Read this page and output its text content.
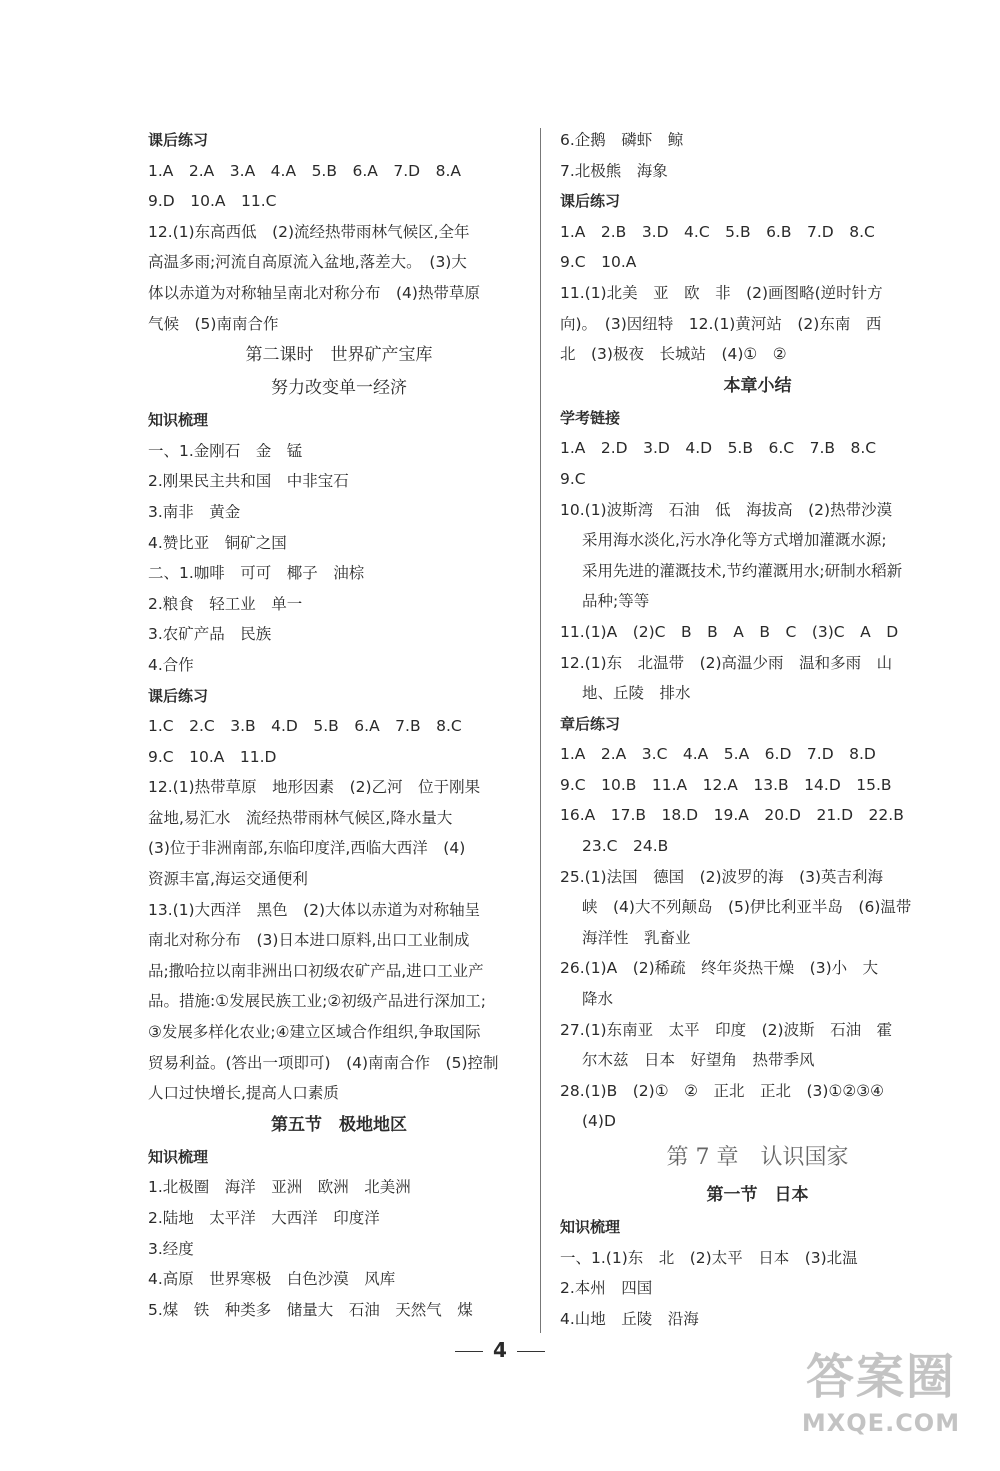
课后练习
1.A　2.A　3.A　4.A　5.B　6.A　7.D　8.A
9.D　10.A　11.C
12.(1)东高西低　(2)流经热带雨林气候区,全年
高温多雨;河流自高原流入盆地,落差大。　(3)大
体以赤道为对称轴呈南北对称分布　(4)热带草原
气候　(5)南南合作
第二课时　世界矿产宝库
努力改变单一经济
知识梳理
一、1.金刚石　金　锰
2.刚果民主共和国　中非宝石
3.南非　黄金
4.赞比亚　铜矿之国
二、1.咖啡　可可　椰子　油棕
2.粮食　轻工业　单一
3.农矿产品　民族
4.合作
课后练习
1.C　2.C　3.B　4.D　5.B　6.A　7.B　8.C
9.C　10.A　11.D
12.(1)热带草原　地形因素　(2)乙河　位于刚果
盆地,易汇水　流经热带雨林气候区,降水量大
(3)位于非洲南部,东临印度洋,西临大西洋　(4)
资源丰富,海运交通便利
13.(1)大西洋　黑色　(2)大体以赤道为对称轴呈
南北对称分布　(3)日本进口原料,出口工业制成
品;撒哈拉以南非洲出口初级农矿产品,进口工业产
品。措施:①发展民族工业;②初级产品进行深加工;
③发展多样化农业;④建立区域合作组织,争取国际
贸易利益。(答出一项即可)　(4)南南合作　(5)控制
人口过快增长,提高人口素质
第五节　极地地区
知识梳理
1.北极圈　海洋　亚洲　欧洲　北美洲
2.陆地　太平洋　大西洋　印度洋
3.经度
4.高原　世界寒极　白色沙漠　风库
5.煤　铁　种类多　储量大　石油　天然气　煤
6.企鹅　磷虾　鲸
7.北极熊　海象
课后练习
1.A　2.B　3.D　4.C　5.B　6.B　7.D　8.C
9.C　10.A
11.(1)北美　亚　欧　非　(2)画图略(逆时针方
向)。　(3)因纽特　12.(1)黄河站　(2)东南　西
北　(3)极夜　长城站　(4)①　②
本章小结
学考链接
1.A　2.D　3.D　4.D　5.B　6.C　7.B　8.C
9.C
10.(1)波斯湾　石油　低　海拔高　(2)热带沙漠
采用海水淡化,污水净化等方式增加灌溉水源;
采用先进的灌溉技术,节约灌溉用水;研制水稻新
品种;等等
11.(1)A　(2)C　B　B　A　B　C　(3)C　A　D
12.(1)东　北温带　(2)高温少雨　温和多雨　山
地、丘陵　排水
章后练习
1.A　2.A　3.C　4.A　5.A　6.D　7.D　8.D
9.C　10.B　11.A　12.A　13.B　14.D　15.B
16.A　17.B　18.D　19.A　20.D　21.D　22.B
23.C　24.B
25.(1)法国　德国　(2)波罗的海　(3)英吉利海
峡　(4)大不列颠岛　(5)伊比利亚半岛　(6)温带
海洋性　乳畜业
26.(1)A　(2)稀疏　终年炎热干燥　(3)小　大
降水
27.(1)东南亚　太平　印度　(2)波斯　石油　霍
尔木兹　日本　好望角　热带季风
28.(1)B　(2)①　②　正北　正北　(3)①②③④
(4)D
第 7 章　认识国家
第一节　日本
知识梳理
一、1.(1)东　北　(2)太平　日本　(3)北温
2.本州　四国
4.山地　丘陵　沿海
4	答案圈
MXQE.COM
